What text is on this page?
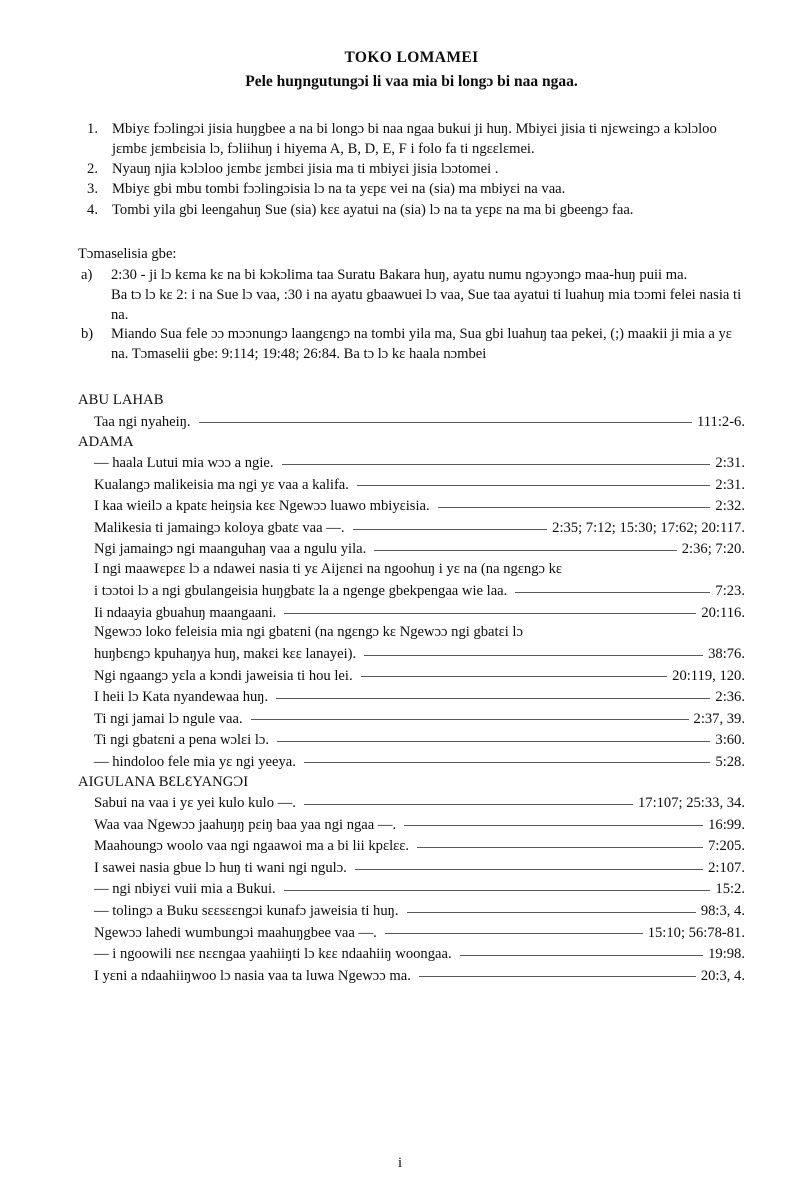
TOKO LOMAMEI
Pele huŋngutungɔi li vaa mia bi longɔ bi naa ngaa.
1. Mbiyɛ fɔɔlingɔi jisia huŋgbee a na bi longɔ bi naa ngaa bukui ji huŋ. Mbiyɛi jisia ti njɛwɛingɔ a kɔlɔloo jɛmbɛ jɛmbɛisia lɔ, fɔliihuŋ i hiyema A, B, D, E, F i folo fa ti ngɛɛlɛmei.
2. Nyauŋ njia kɔlɔloo jɛmbɛ jɛmbɛi jisia ma ti mbiyɛi jisia lɔɔtomei .
3. Mbiyɛ gbi mbu tombi fɔɔlingɔisia lɔ na ta yɛpɛ vei na (sia) ma mbiyɛi na vaa.
4. Tombi yila gbi leengahuŋ Sue (sia) kɛɛ ayatui na (sia) lɔ na ta yɛpɛ na ma bi gbeengɔ faa.

Tɔmaselisia gbe:

a)	2:30 - ji lɔ kɛma kɛ na bi kɔkɔlima taa Suratu Bakara huŋ, ayatu numu ngɔyɔngɔ maa-huŋ puii ma.

Ba tɔ lɔ kɛ 2: i na Sue lɔ vaa, :30 i na ayatu gbaawuei lɔ vaa, Sue taa ayatui ti luahuŋ mia tɔɔmi felei nasia ti na.

b)	Miando Sua fele ɔɔ mɔɔnungɔ laangɛngɔ na tombi yila ma, Sua gbi luahuŋ taa pekei, (;) maakii ji mia a yɛ na. Tɔmaselii gbe: 9:114; 19:48; 26:84. Ba tɔ lɔ kɛ haala nɔmbei

ABU LAHAB
Taa ngi nyaheiŋ.	111:2-6.
ADAMA
— haala Lutui mia wɔɔ a ngie.	2:31.
Kualangɔ malikeisia ma ngi yɛ vaa a kalifa.	2:31.
I kaa wieilɔ a kpatɛ heiŋsia kɛɛ Ngewɔɔ luawo mbiyɛisia.	2:32.
Malikesia ti jamaingɔ koloya gbatɛ vaa —.	2:35; 7:12; 15:30; 17:62; 20:117.
Ngi jamaingɔ ngi maanguhaŋ vaa a ngulu yila.	2:36; 7:20.
I ngi maawɛpɛɛ lɔ a ndawei nasia ti yɛ Aijɛnɛi na ngoohuŋ i yɛ na (na ngɛngɔ kɛ
i tɔɔtoi lɔ a ngi gbulangeisia huŋgbatɛ la a ngenge gbekpengaa wie laa.	7:23.
Ii ndaayia gbuahuŋ maangaani.	20:116.
Ngewɔɔ loko feleisia mia ngi gbatɛni (na ngɛngɔ kɛ Ngewɔɔ ngi gbatɛi lɔ
huŋbɛngɔ kpuhaŋya huŋ, makɛi kɛɛ lanayei).	38:76.
Ngi ngaangɔ yɛla a kɔndi jaweisia ti hou lei.	20:119, 120.
I heii lɔ Kata nyandewaa huŋ.	2:36.
Ti ngi jamai lɔ ngule vaa.	2:37, 39.
Ti ngi gbatɛni a pena wɔlɛi lɔ.	3:60.
— hindoloo fele mia yɛ ngi yeeya.	5:28.
AIGULANA BƐLƐYANGƆI
Sabui na vaa i yɛ yei kulo kulo —.	17:107; 25:33, 34.
Waa vaa Ngewɔɔ jaahuŋŋ pɛiŋ baa yaa ngi ngaa —.	16:99.
Maahoungɔ woolo vaa ngi ngaawoi ma a bi lii kpɛlɛɛ.	7:205.
I sawei nasia gbue lɔ huŋ ti wani ngi ngulɔ.	2:107.
— ngi nbiyɛi vuii mia a Bukui.	15:2.
— tolingɔ a Buku sɛɛsɛɛngɔi kunafɔ jaweisia ti huŋ.	98:3, 4.
Ngewɔɔ lahedi wumbungɔi maahuŋgbee vaa —.	15:10; 56:78-81.
— i ngoowili nɛɛ nɛɛngaa yaahiiŋti lɔ kɛɛ ndaahiiŋ woongaa.	19:98.
I yɛni a ndaahiiŋwoo lɔ nasia vaa ta luwa Ngewɔɔ ma.	20:3, 4.
i
